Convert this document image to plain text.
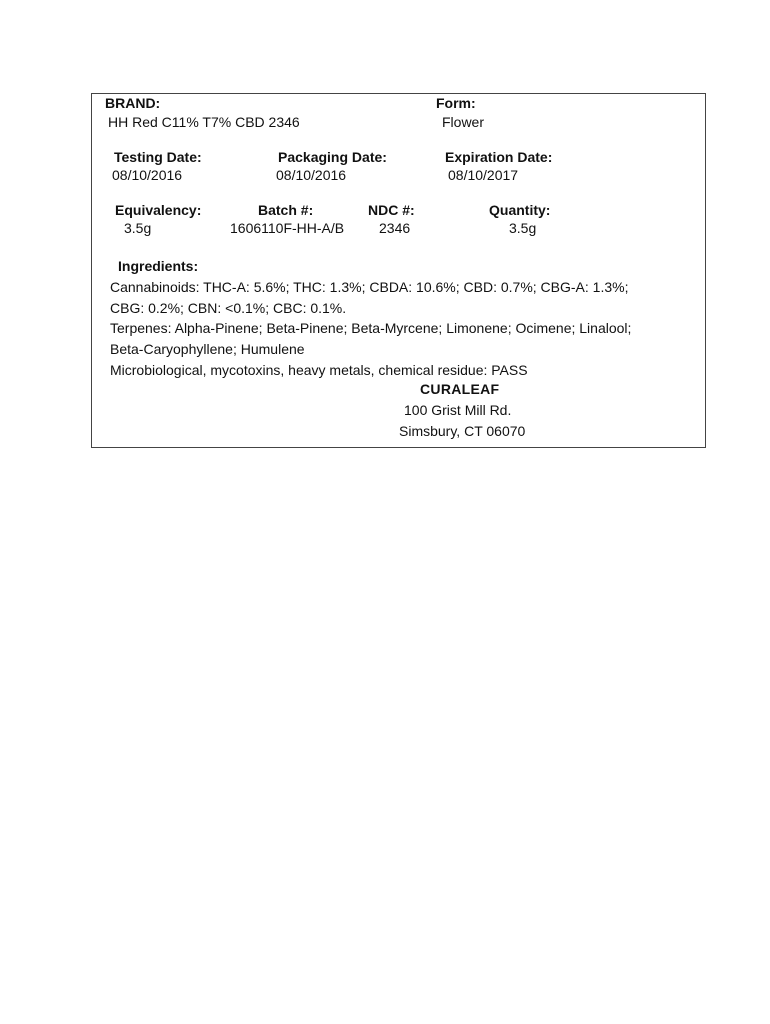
BRAND:
HH Red C11% T7% CBD 2346
Form:
Flower
Testing Date:
08/10/2016
Packaging Date:
08/10/2016
Expiration Date:
08/10/2017
Equivalency:
3.5g
Batch #:
1606110F-HH-A/B
NDC #:
2346
Quantity:
3.5g
Ingredients:
Cannabinoids: THC-A: 5.6%; THC: 1.3%; CBDA: 10.6%; CBD: 0.7%; CBG-A: 1.3%;
CBG: 0.2%; CBN: <0.1%; CBC: 0.1%.
Terpenes: Alpha-Pinene; Beta-Pinene; Beta-Myrcene; Limonene; Ocimene; Linalool;
Beta-Caryophyllene; Humulene
Microbiological, mycotoxins, heavy metals, chemical residue: PASS
CURALEAF
100 Grist Mill Rd.
Simsbury, CT 06070
